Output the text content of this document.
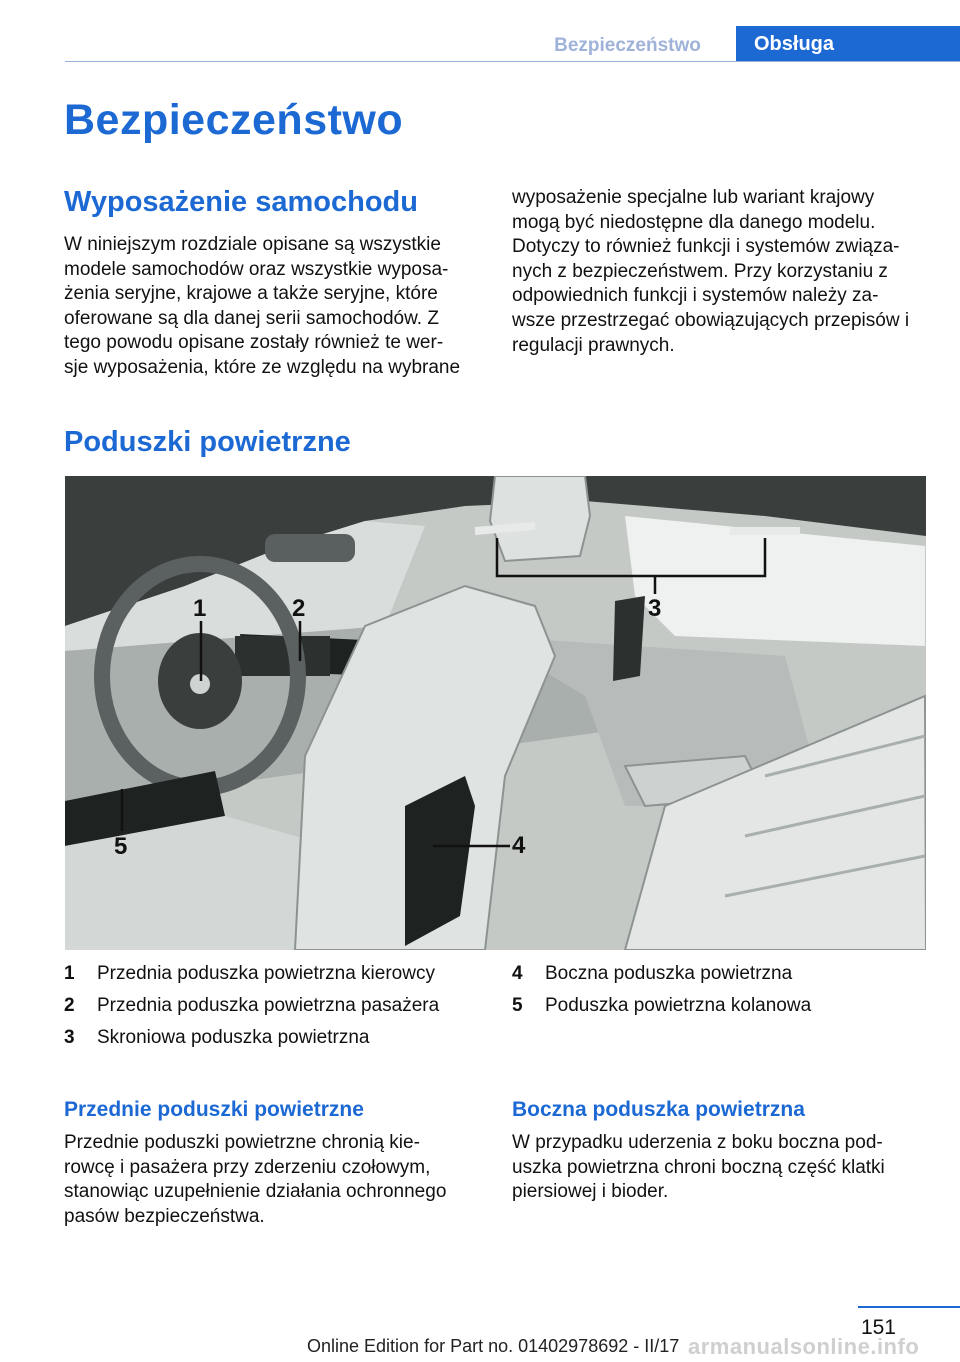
Bezpieczeństwo	Obsługa
Bezpieczeństwo
Wyposażenie samochodu
W niniejszym rozdziale opisane są wszystkie
modele samochodów oraz wszystkie wyposa‐
żenia seryjne, krajowe a także seryjne, które
oferowane są dla danej serii samochodów. Z
tego powodu opisane zostały również te wer‐
sje wyposażenia, które ze względu na wybrane
wyposażenie specjalne lub wariant krajowy
mogą być niedostępne dla danego modelu.
Dotyczy to również funkcji i systemów związa‐
nych z bezpieczeństwem. Przy korzystaniu z
odpowiednich funkcji i systemów należy za‐
wsze przestrzegać obowiązujących przepisów i
regulacji prawnych.
Poduszki powietrzne
1	2	3
4
5
1	Przednia poduszka powietrzna kierowcy
2	Przednia poduszka powietrzna pasażera
3	Skroniowa poduszka powietrzna
4	Boczna poduszka powietrzna
5	Poduszka powietrzna kolanowa
Przednie poduszki powietrzne
Przednie poduszki powietrzne chronią kie‐
rowcę i pasażera przy zderzeniu czołowym,
stanowiąc uzupełnienie działania ochronnego
pasów bezpieczeństwa.
Boczna poduszka powietrzna
W przypadku uderzenia z boku boczna pod‐
uszka powietrzna chroni boczną część klatki
piersiowej i bioder.
151
Online Edition for Part no. 01402978692 - II/17 armanualsonline.info
